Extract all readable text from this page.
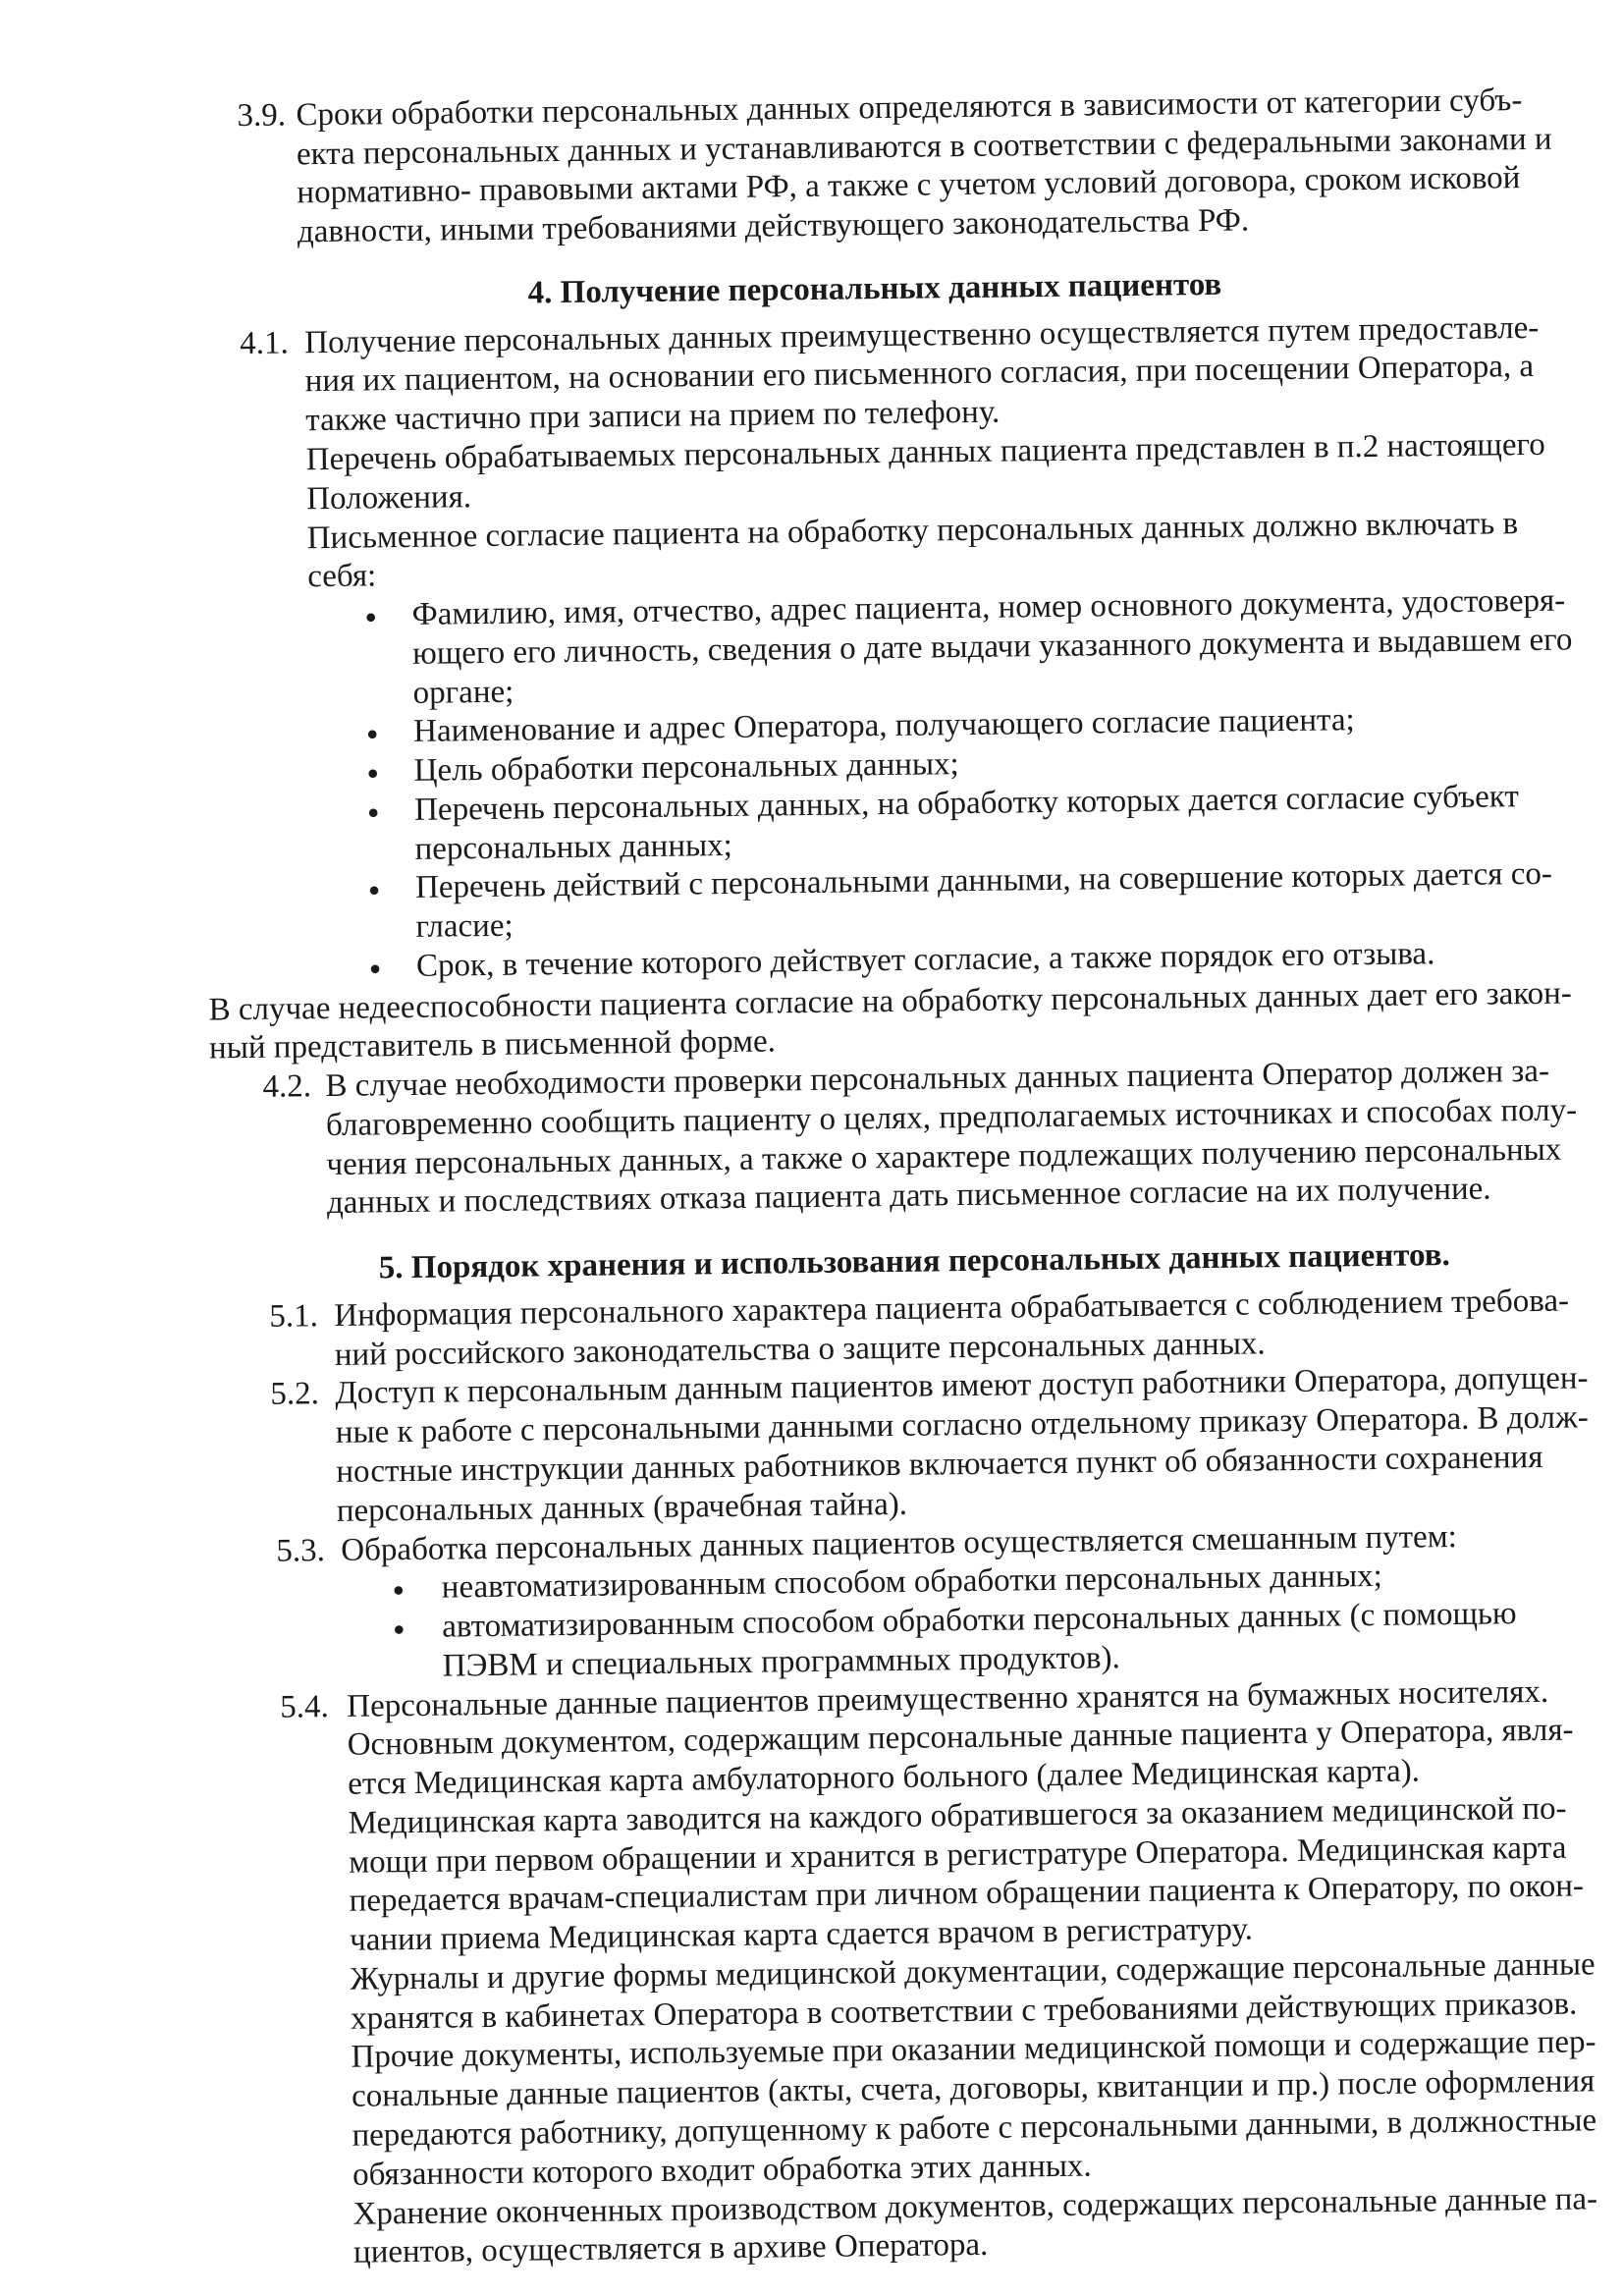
3.9. Сроки обработки персональных данных определяются в зависимости от категории субъ-
екта персональных данных и устанавливаются в соответствии с федеральными законами и
нормативно- правовыми актами РФ, а также с учетом условий договора, сроком исковой
давности, иными требованиями действующего законодательства РФ.
4. Получение персональных данных пациентов
4.1. Получение персональных данных преимущественно осуществляется путем предоставле-
ния их пациентом, на основании его письменного согласия, при посещении Оператора, а
также частично при записи на прием по телефону.
Перечень обрабатываемых персональных данных пациента представлен в п.2 настоящего
Положения.
Письменное согласие пациента на обработку персональных данных должно включать в
себя:
● Фамилию, имя, отчество, адрес пациента, номер основного документа, удостоверя-
ющего его личность, сведения о дате выдачи указанного документа и выдавшем его
органе;
● Наименование и адрес Оператора, получающего согласие пациента;
● Цель обработки персональных данных;
● Перечень персональных данных, на обработку которых дается согласие субъект
персональных данных;
● Перечень действий с персональными данными, на совершение которых дается со-
гласие;
● Срок, в течение которого действует согласие, а также порядок его отзыва.
В случае недееспособности пациента согласие на обработку персональных данных дает его закон-
ный представитель в письменной форме.
4.2. В случае необходимости проверки персональных данных пациента Оператор должен за-
благовременно сообщить пациенту о целях, предполагаемых источниках и способах полу-
чения персональных данных, а также о характере подлежащих получению персональных
данных и последствиях отказа пациента дать письменное согласие на их получение.
5. Порядок хранения и использования персональных данных пациентов.
5.1. Информация персонального характера пациента обрабатывается с соблюдением требова-
ний российского законодательства о защите персональных данных.
5.2. Доступ к персональным данным пациентов имеют доступ работники Оператора, допущен-
ные к работе с персональными данными согласно отдельному приказу Оператора. В долж-
ностные инструкции данных работников включается пункт об обязанности сохранения
персональных данных (врачебная тайна).
5.3. Обработка персональных данных пациентов осуществляется смешанным путем:
● неавтоматизированным способом обработки персональных данных;
● автоматизированным способом обработки персональных данных (с помощью
ПЭВМ и специальных программных продуктов).
5.4. Персональные данные пациентов преимущественно хранятся на бумажных носителях.
Основным документом, содержащим персональные данные пациента у Оператора, явля-
ется Медицинская карта амбулаторного больного (далее Медицинская карта).
Медицинская карта заводится на каждого обратившегося за оказанием медицинской по-
мощи при первом обращении и хранится в регистратуре Оператора. Медицинская карта
передается врачам-специалистам при личном обращении пациента к Оператору, по окон-
чании приема Медицинская карта сдается врачом в регистратуру.
Журналы и другие формы медицинской документации, содержащие персональные данные
хранятся в кабинетах Оператора в соответствии с требованиями действующих приказов.
Прочие документы, используемые при оказании медицинской помощи и содержащие пер-
сональные данные пациентов (акты, счета, договоры, квитанции и пр.) после оформления
передаются работнику, допущенному к работе с персональными данными, в должностные
обязанности которого входит обработка этих данных.
Хранение оконченных производством документов, содержащих персональные данные па-
циентов, осуществляется в архиве Оператора.
